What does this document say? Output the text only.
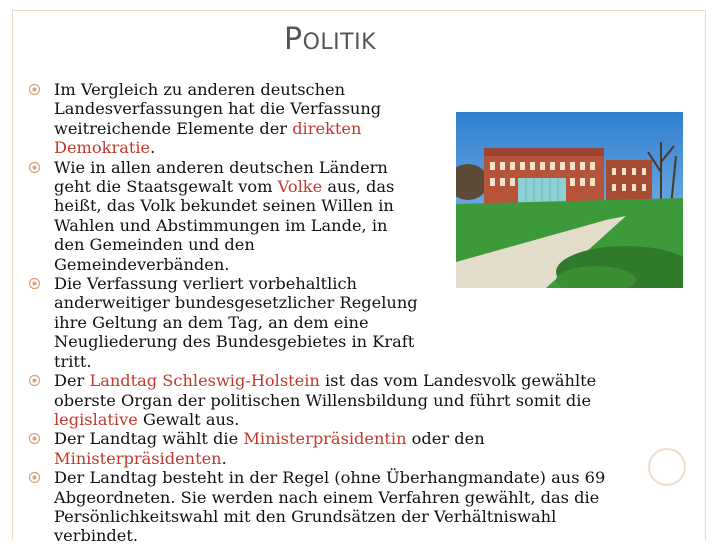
POLITIK
Im Vergleich zu anderen deutschen
Landesverfassungen hat die Verfassung
weitreichende Elemente der direkten
Demokratie.
Wie in allen anderen deutschen Ländern
geht die Staatsgewalt vom Volke aus, das
heißt, das Volk bekundet seinen Willen in
Wahlen und Abstimmungen im Lande, in
den Gemeinden und den
Gemeindeverbänden.
Die Verfassung verliert vorbehaltlich
anderweitiger bundesgesetzlicher Regelung
ihre Geltung an dem Tag, an dem eine
Neugliederung des Bundesgebietes in Kraft
tritt.
Der Landtag Schleswig-Holstein ist das vom Landesvolk gewählte
oberste Organ der politischen Willensbildung und führt somit die
legislative Gewalt aus.
Der Landtag wählt die Ministerpräsidentin oder den
Ministerpräsidenten.
Der Landtag besteht in der Regel (ohne Überhangmandate) aus 69
Abgeordneten. Sie werden nach einem Verfahren gewählt, das die
Persönlichkeitswahl mit den Grundsätzen der Verhältniswahl
verbindet.
